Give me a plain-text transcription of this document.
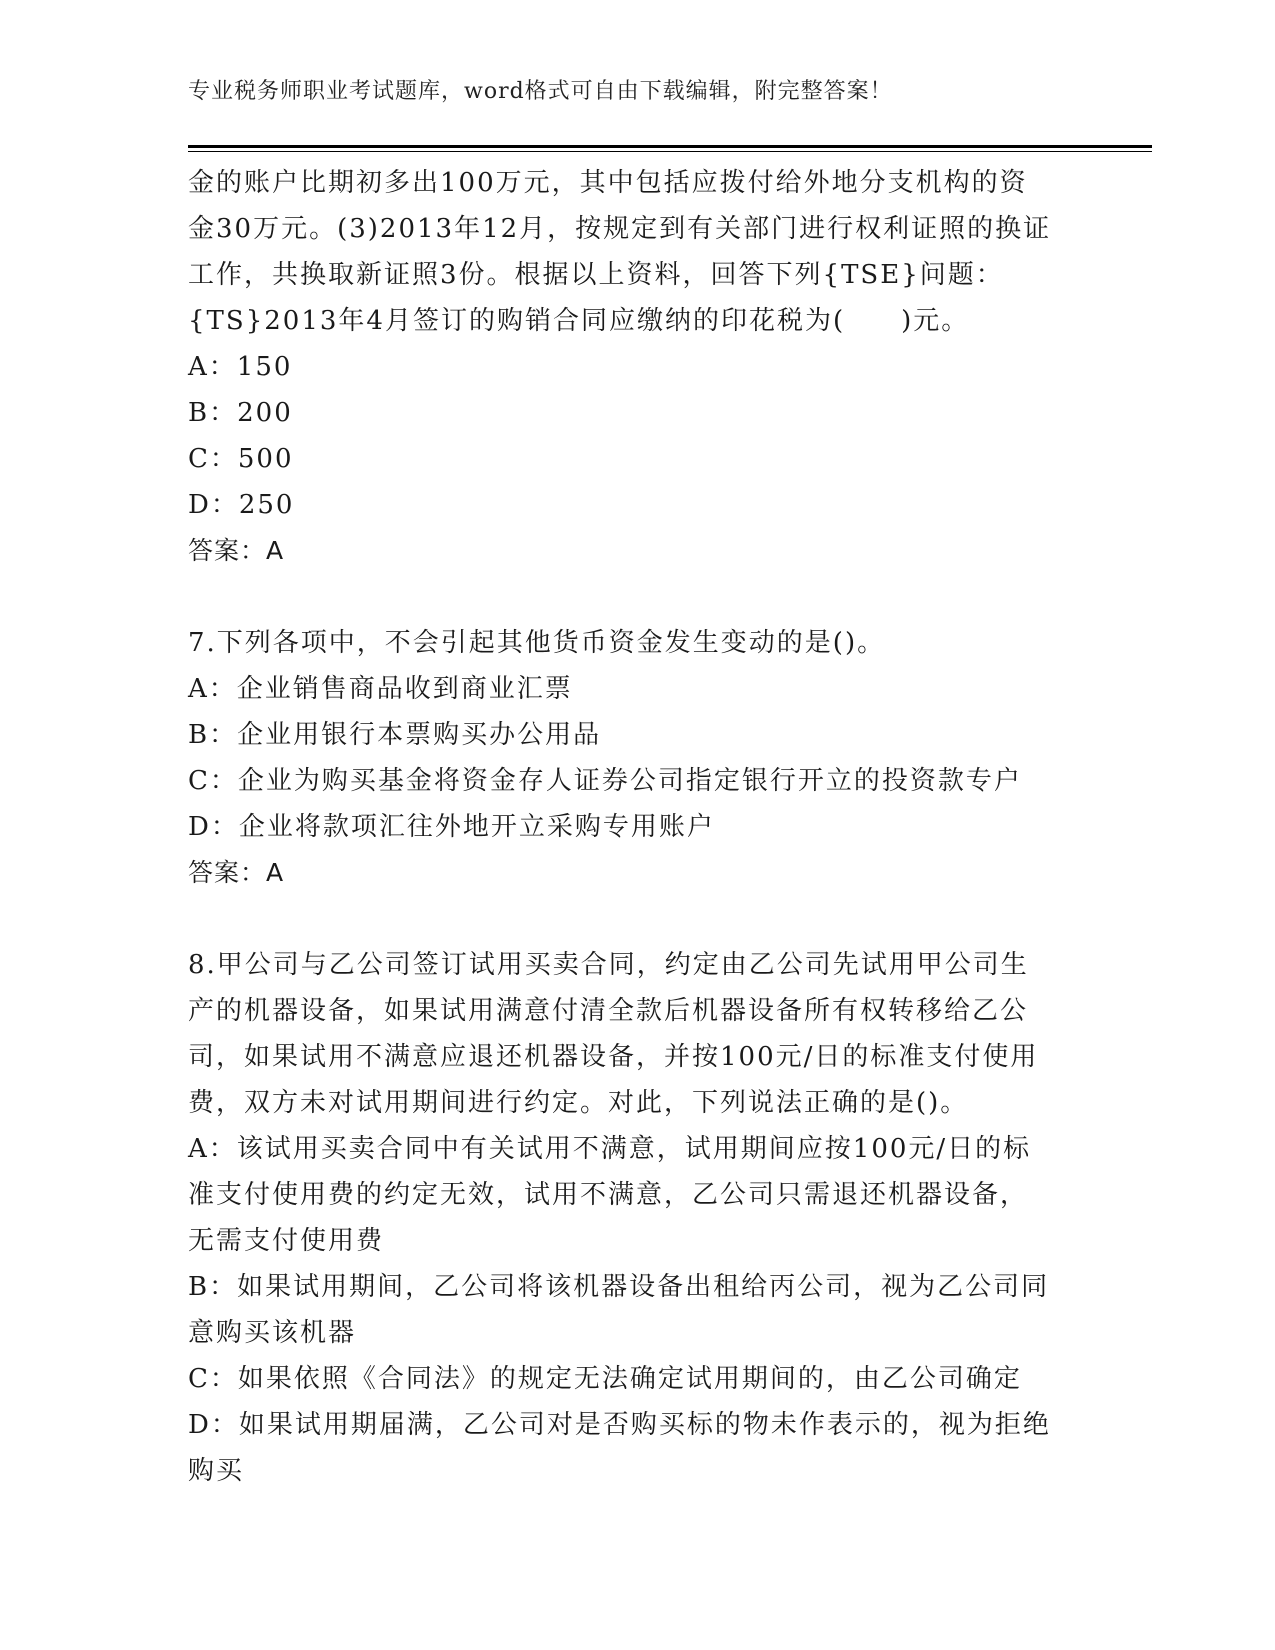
专业税务师职业考试题库，word格式可自由下载编辑，附完整答案！
金的账户比期初多出100万元，其中包括应拨付给外地分支机构的资
金30万元。(3)2013年12月，按规定到有关部门进行权利证照的换证
工作，共换取新证照3份。根据以上资料，回答下列{TSE}问题：
{TS}2013年4月签订的购销合同应缴纳的印花税为(　　)元。
A：150
B：200
C：500
D：250
答案：A
7.下列各项中，不会引起其他货币资金发生变动的是()。
A：企业销售商品收到商业汇票
B：企业用银行本票购买办公用品
C：企业为购买基金将资金存人证券公司指定银行开立的投资款专户
D：企业将款项汇往外地开立采购专用账户
答案：A
8.甲公司与乙公司签订试用买卖合同，约定由乙公司先试用甲公司生
产的机器设备，如果试用满意付清全款后机器设备所有权转移给乙公
司，如果试用不满意应退还机器设备，并按100元/日的标准支付使用
费，双方未对试用期间进行约定。对此，下列说法正确的是()。
A：该试用买卖合同中有关试用不满意，试用期间应按100元/日的标
准支付使用费的约定无效，试用不满意，乙公司只需退还机器设备，
无需支付使用费
B：如果试用期间，乙公司将该机器设备出租给丙公司，视为乙公司同
意购买该机器
C：如果依照《合同法》的规定无法确定试用期间的，由乙公司确定
D：如果试用期届满，乙公司对是否购买标的物未作表示的，视为拒绝
购买
